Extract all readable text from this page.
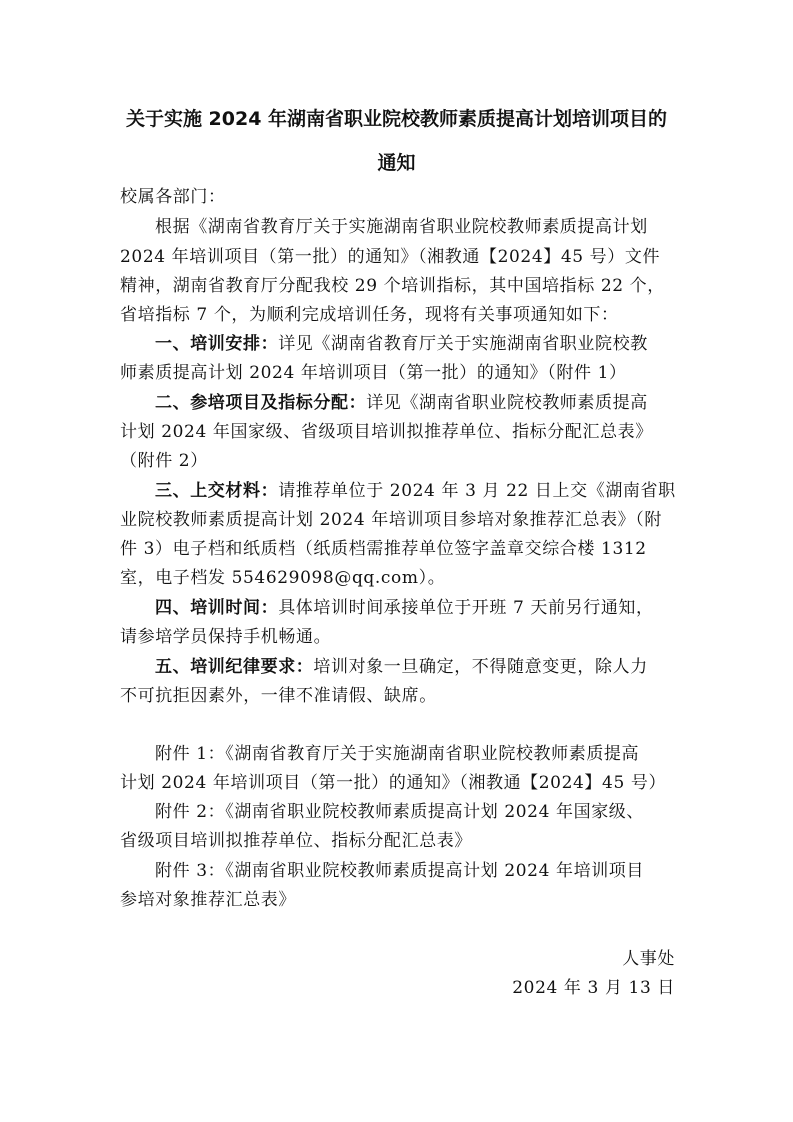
关于实施 2024 年湖南省职业院校教师素质提高计划培训项目的
通知
校属各部门：
根据《湖南省教育厅关于实施湖南省职业院校教师素质提高计划
2024 年培训项目（第一批）的通知》（湘教通【2024】45 号）文件
精神，湖南省教育厅分配我校 29 个培训指标，其中国培指标 22 个，
省培指标 7 个，为顺利完成培训任务，现将有关事项通知如下：
一、培训安排：详见《湖南省教育厅关于实施湖南省职业院校教
师素质提高计划 2024 年培训项目（第一批）的通知》（附件 1）
二、参培项目及指标分配：详见《湖南省职业院校教师素质提高
计划 2024 年国家级、省级项目培训拟推荐单位、指标分配汇总表》
（附件 2）
三、上交材料：请推荐单位于 2024 年 3 月 22 日上交《湖南省职
业院校教师素质提高计划 2024 年培训项目参培对象推荐汇总表》（附
件 3）电子档和纸质档（纸质档需推荐单位签字盖章交综合楼 1312
室，电子档发 554629098@qq.com）。
四、培训时间：具体培训时间承接单位于开班 7 天前另行通知，
请参培学员保持手机畅通。
五、培训纪律要求：培训对象一旦确定，不得随意变更，除人力
不可抗拒因素外，一律不准请假、缺席。
附件 1：《湖南省教育厅关于实施湖南省职业院校教师素质提高
计划 2024 年培训项目（第一批）的通知》（湘教通【2024】45 号）
附件 2：《湖南省职业院校教师素质提高计划 2024 年国家级、
省级项目培训拟推荐单位、指标分配汇总表》
附件 3：《湖南省职业院校教师素质提高计划 2024 年培训项目
参培对象推荐汇总表》
人事处
2024 年 3 月 13 日
